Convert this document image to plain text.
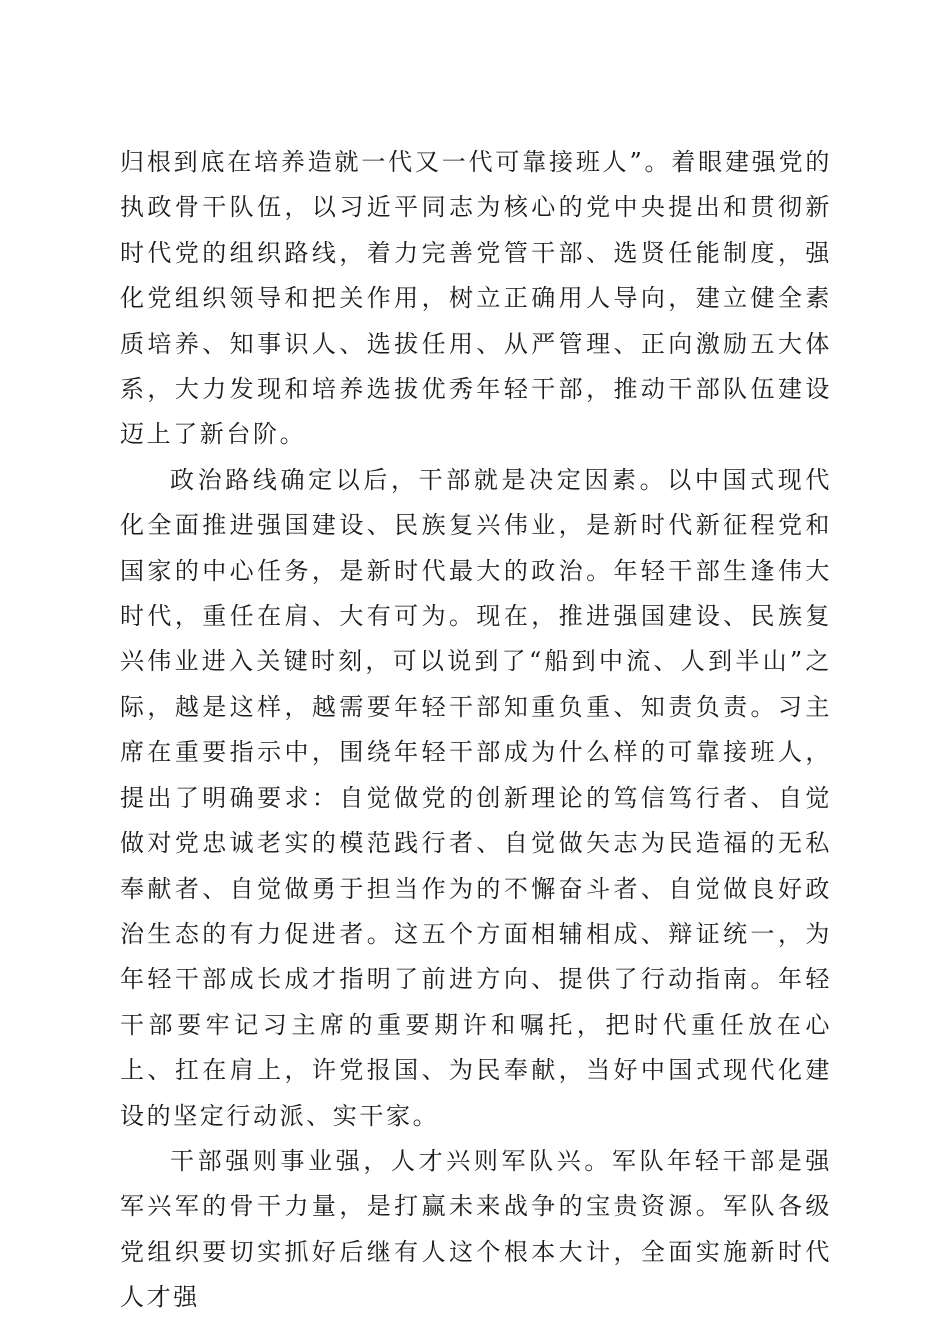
归根到底在培养造就一代又一代可靠接班人”。着眼建强党的执政骨干队伍，以习近平同志为核心的党中央提出和贯彻新时代党的组织路线，着力完善党管干部、选贤任能制度，强化党组织领导和把关作用，树立正确用人导向，建立健全素质培养、知事识人、选拔任用、从严管理、正向激励五大体系，大力发现和培养选拔优秀年轻干部，推动干部队伍建设迈上了新台阶。

政治路线确定以后，干部就是决定因素。以中国式现代化全面推进强国建设、民族复兴伟业，是新时代新征程党和国家的中心任务，是新时代最大的政治。年轻干部生逢伟大时代，重任在肩、大有可为。现在，推进强国建设、民族复兴伟业进入关键时刻，可以说到了“船到中流、人到半山”之际，越是这样，越需要年轻干部知重负重、知责负责。习主席在重要指示中，围绕年轻干部成为什么样的可靠接班人，提出了明确要求：自觉做党的创新理论的笃信笃行者、自觉做对党忠诚老实的模范践行者、自觉做矢志为民造福的无私奉献者、自觉做勇于担当作为的不懈奋斗者、自觉做良好政治生态的有力促进者。这五个方面相辅相成、辩证统一，为年轻干部成长成才指明了前进方向、提供了行动指南。年轻干部要牢记习主席的重要期许和嘱托，把时代重任放在心上、扛在肩上，许党报国、为民奉献，当好中国式现代化建设的坚定行动派、实干家。

干部强则事业强，人才兴则军队兴。军队年轻干部是强军兴军的骨干力量，是打赢未来战争的宝贵资源。军队各级党组织要切实抓好后继有人这个根本大计，全面实施新时代人才强
